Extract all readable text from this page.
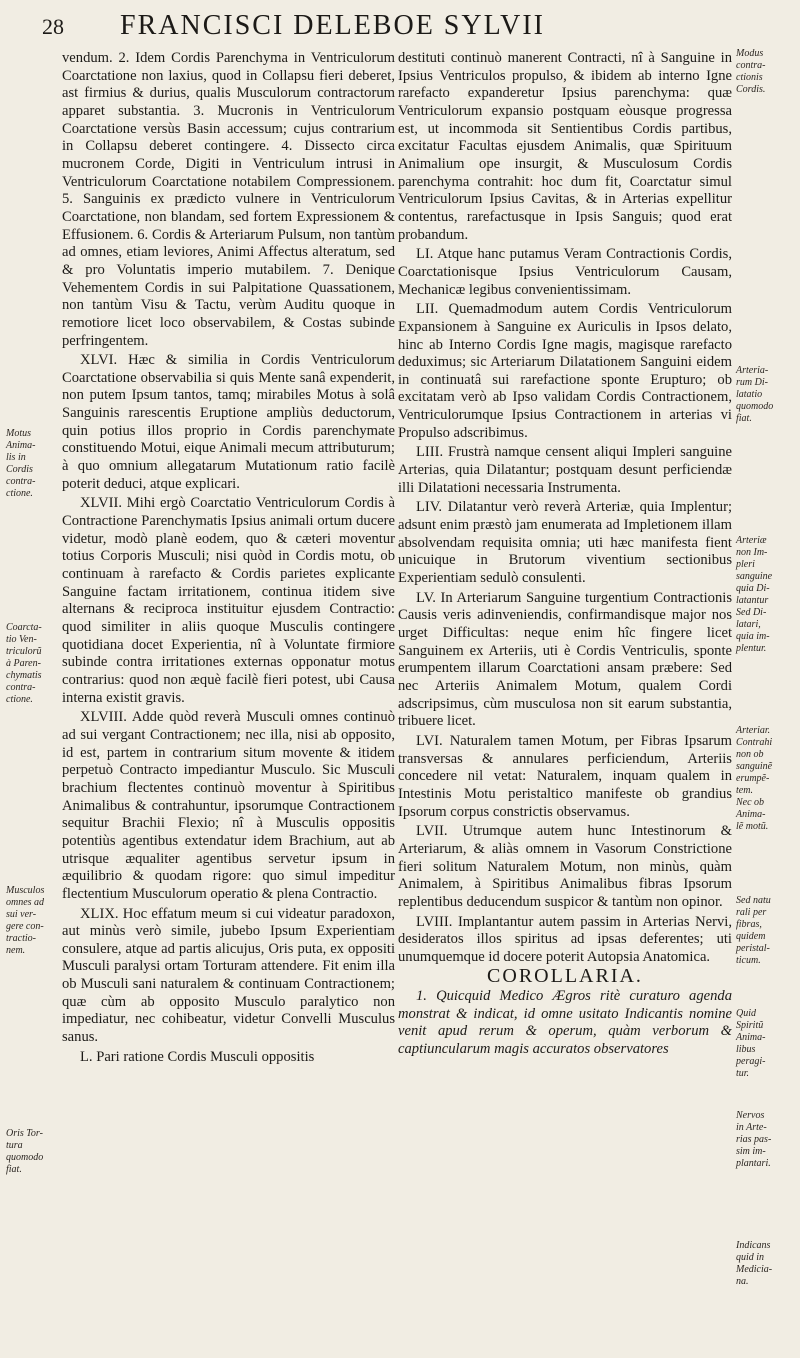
28 FRANCISCI DELEBOE SYLVII

vendum. 2. Idem Cordis Parenchyma in Ventriculorum Coarctatione non laxius, quod in Collapsu fieri deberet, ast firmius & durius, qualis Musculorum contractorum apparet substantia. 3. Mucronis in Ventriculorum Coarctatione versùs Basin accessum; cujus contrarium in Collapsu deberet contingere. 4. Dissecto circa mucronem Corde, Digiti in Ventriculum intrusi in Ventriculorum Coarctatione notabilem Compressionem. 5. Sanguinis ex prædicto vulnere in Ventriculorum Coarctatione, non blandam, sed fortem Expressionem & Effusionem. 6. Cordis & Arteriarum Pulsum, non tantùm ad omnes, etiam leviores, Animi Affectus alteratum, sed & pro Voluntatis imperio mutabilem. 7. Denique Vehementem Cordis in sui Palpitatione Quassationem, non tantùm Visu & Tactu, verùm Auditu quoque in remotiore licet loco observabilem, & Costas subinde perfringentem.

XLVI. Hæc & similia in Cordis Ventriculorum Coarctatione observabilia si quis Mente sanâ expenderit, non putem Ipsum tantos, tamq; mirabiles Motus à solâ Sanguinis rarescentis Eruptione ampliùs deductorum, quin potius illos proprio in Cordis parenchymate constituendo Motui, eique Animali mecum attributurum; à quo omnium allegatarum Mutationum ratio facilè poterit deduci, atque explicari.

XLVII. Mihi ergò Coarctatio Ventriculorum Cordis à Contractione Parenchymatis Ipsius animali ortum ducere videtur, modò planè eodem, quo & cæteri moventur totius Corporis Musculi; nisi quòd in Cordis motu, ob continuam à rarefacto & Cordis parietes explicante Sanguine factam irritationem, continua itidem sive alternans & reciproca instituitur ejusdem Contractio: quod similiter in aliis quoque Musculis contingere quotidiana docet Experientia, nî à Voluntate firmiore subinde contra irritationes externas opponatur motus contrarius: quod non æquè facilè fieri potest, ubi Causa interna existit gravis.

XLVIII. Adde quòd reverà Musculi omnes continuò ad sui vergant Contractionem; nec illa, nisi ab opposito, id est, partem in contrarium situm movente & itidem perpetuò Contracto impediantur Musculo. Sic Musculi brachium flectentes continuò moventur à Spiritibus Animalibus & contrahuntur, ipsorumque Contractionem sequitur Brachii Flexio; nî à Musculis oppositis potentiùs agentibus extendatur idem Brachium, aut ab utrisque æqualiter agentibus servetur ipsum in æquilibrio & quodam rigore: quo simul impeditur flectentium Musculorum operatio & plena Contractio.

XLIX. Hoc effatum meum si cui videatur paradoxon, aut minùs verò simile, jubebo Ipsum Experientiam consulere, atque ad partis alicujus, Oris puta, ex oppositi Musculi paralysi ortam Torturam attendere. Fit enim illa ob Musculi sani naturalem & continuam Contractionem; quæ cùm ab opposito Musculo paralytico non impediatur, nec cohibeatur, videtur Convelli Musculus sanus.

L. Pari ratione Cordis Musculi oppositis

destituti continuò manerent Contracti, nî à Sanguine in Ipsius Ventriculos propulso, & ibidem ab interno Igne rarefacto expanderetur Ipsius parenchyma: quæ Ventriculorum expansio postquam eòusque progressa est, ut incommoda sit Sentientibus Cordis partibus, excitatur Facultas ejusdem Animalis, quæ Spirituum Animalium ope insurgit, & Musculosum Cordis parenchyma contrahit: hoc dum fit, Coarctatur simul Ventriculorum Ipsius Cavitas, & in Arterias expellitur contentus, rarefactusque in Ipsis Sanguis; quod erat probandum.

LI. Atque hanc putamus Veram Contractionis Cordis, Coarctationisque Ipsius Ventriculorum Causam, Mechanicæ legibus convenientissimam.

LII. Quemadmodum autem Cordis Ventriculorum Expansionem à Sanguine ex Auriculis in Ipsos delato, hinc ab Interno Cordis Igne magis, magisque rarefacto deduximus; sic Arteriarum Dilatationem Sanguini eidem in continuatâ sui rarefactione sponte Erupturo; ob excitatam verò ab Ipso validam Cordis Contractionem, Ventriculorumque Ipsius Contractionem in arterias vi Propulso adscribimus.

LIII. Frustrà namque censent aliqui Impleri sanguine Arterias, quia Dilatantur; postquam desunt perficiendæ illi Dilatationi necessaria Instrumenta.

LIV. Dilatantur verò reverà Arteriæ, quia Implentur; adsunt enim præstò jam enumerata ad Impletionem illam absolvendam requisita omnia; uti hæc manifesta fient unicuique in Brutorum viventium sectionibus Experientiam sedulò consulenti.

LV. In Arteriarum Sanguine turgentium Contractionis Causis veris adinveniendis, confirmandisque major nos urget Difficultas: neque enim hîc fingere licet Sanguinem ex Arteriis, uti è Cordis Ventriculis, sponte erumpentem illarum Coarctationi ansam præbere: Sed nec Arteriis Animalem Motum, qualem Cordi adscripsimus, cùm musculosa non sit earum substantia, tribuere licet.

LVI. Naturalem tamen Motum, per Fibras Ipsarum transversas & annulares perficiendum, Arteriis concedere nil vetat: Naturalem, inquam qualem in Intestinis Motu peristaltico manifeste ob grandius Ipsorum corpus constrictis observamus.

LVII. Utrumque autem hunc Intestinorum & Arteriarum, & aliàs omnem in Vasorum Constrictione fieri solitum Naturalem Motum, non minùs, quàm Animalem, à Spiritibus Animalibus fibras Ipsorum replentibus deducendum suspicor & tantùm non opinor.

LVIII. Implantantur autem passim in Arterias Nervi, desideratos illos spiritus ad ipsas deferentes; uti unumquemque id docere poterit Autopsia Anatomica.

COROLLARIA.

1. Quicquid Medico Ægros ritè curaturo agenda monstrat & indicat, id omne usitato Indicantis nomine venit apud rerum & operum, quàm verborum & captiuncularum magis accuratos observatores

Motus
Anima-
lis in
Cordis
contra-
ctione.
Coarcta-
tio Ven-
triculorũ
à Paren-
chymatis
contra-
ctione.
Musculos
omnes ad
sui ver-
gere con-
tractio-
nem.
Oris Tor-
tura
quomodo
fiat.
Modus
contra-
ctionis
Cordis.
Arteria-
rum Di-
latatio
quomodo
fiat.
Arteriæ
non Im-
pleri
sanguine
quia Di-
latantur
Sed Di-
latari,
quia im-
plentur.
Arteriar.
Contrahi
non ob
sanguinẽ
erumpẽ-
tem.
Nec ob
Anima-
lẽ motũ.
Sed natu
rali per
fibras,
quidem
peristal-
ticum.
Quid
Spiritũ
Anima-
libus
peragi-
tur.
Nervos
in Arte-
rias pas-
sim im-
plantari.
Indicans
quid in
Medicia-
na.
